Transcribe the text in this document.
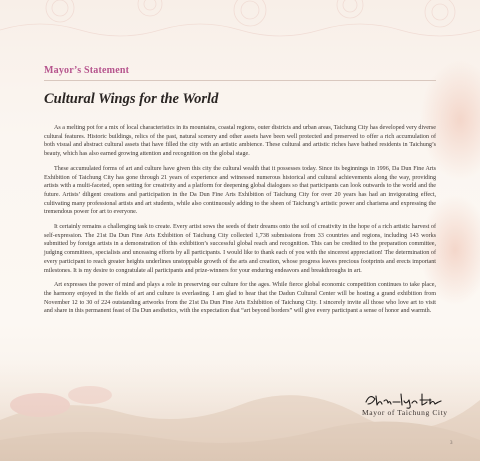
Mayor’s Statement
Cultural Wings for the World

As a melting pot for a mix of local characteristics in its mountains, coastal regions, outer districts and urban areas, Taichung City has developed very diverse cultural features. Historic buildings, relics of the past, natural scenery and other assets have been well protected and preserved to offer a rich accumulation of both visual and abstract cultural assets that have filled the city with an artistic ambience. These cultural and artistic riches have bathed residents in Taichung’s beauty, which has also earned growing attention and recognition on the global stage.

These accumulated forms of art and culture have given this city the cultural wealth that it possesses today. Since its beginnings in 1996, Da Dun Fine Arts Exhibition of Taichung City has gone through 21 years of experience and witnessed numerous historical and cultural achievements along the way, providing artists with a multi-faceted, open setting for creativity and a platform for deepening global dialogues so that participants can look outwards to the world and the future. Artists’ diligent creations and participation in the Da Dun Fine Arts Exhibition of Taichung City for over 20 years has had an invigorating effect, cultivating many professional artists and art students, while also continuously adding to the sheen of Taichung’s artistic power and charisma and expressing the tremendous power for art to everyone.

It certainly remains a challenging task to create. Every artist sows the seeds of their dreams onto the soil of creativity in the hope of a rich artistic harvest of self-expression. The 21st Da Dun Fine Arts Exhibition of Taichung City collected 1,738 submissions from 33 countries and regions, including 143 works submitted by foreign artists in a demonstration of this exhibition’s successful global reach and recognition. This can be credited to the preparation committee, judging committees, specialists and unceasing efforts by all participants. I would like to thank each of you with the sincerest appreciation! The determination of every participant to reach greater heights underlines unstoppable growth of the arts and creation, whose progress leaves precious footprints and erects important milestones. It is my desire to congratulate all participants and prize-winners for your enduring endeavors and breakthroughs in art.

Art expresses the power of mind and plays a role in preserving our culture for the ages. While fierce global economic competition continues to take place, the harmony enjoyed in the fields of art and culture is everlasting. I am glad to hear that the Dadun Cultural Center will be hosting a grand exhibition from November 12 to 30 of 224 outstanding artworks from the 21st Da Dun Fine Arts Exhibition of Taichung City. I sincerely invite all those who love art to visit and share in this permanent feast of Da Dun aesthetics, with the expectation that “art beyond borders” will give every participant a sense of honor and warmth.

Mayor of Taichung City
3
